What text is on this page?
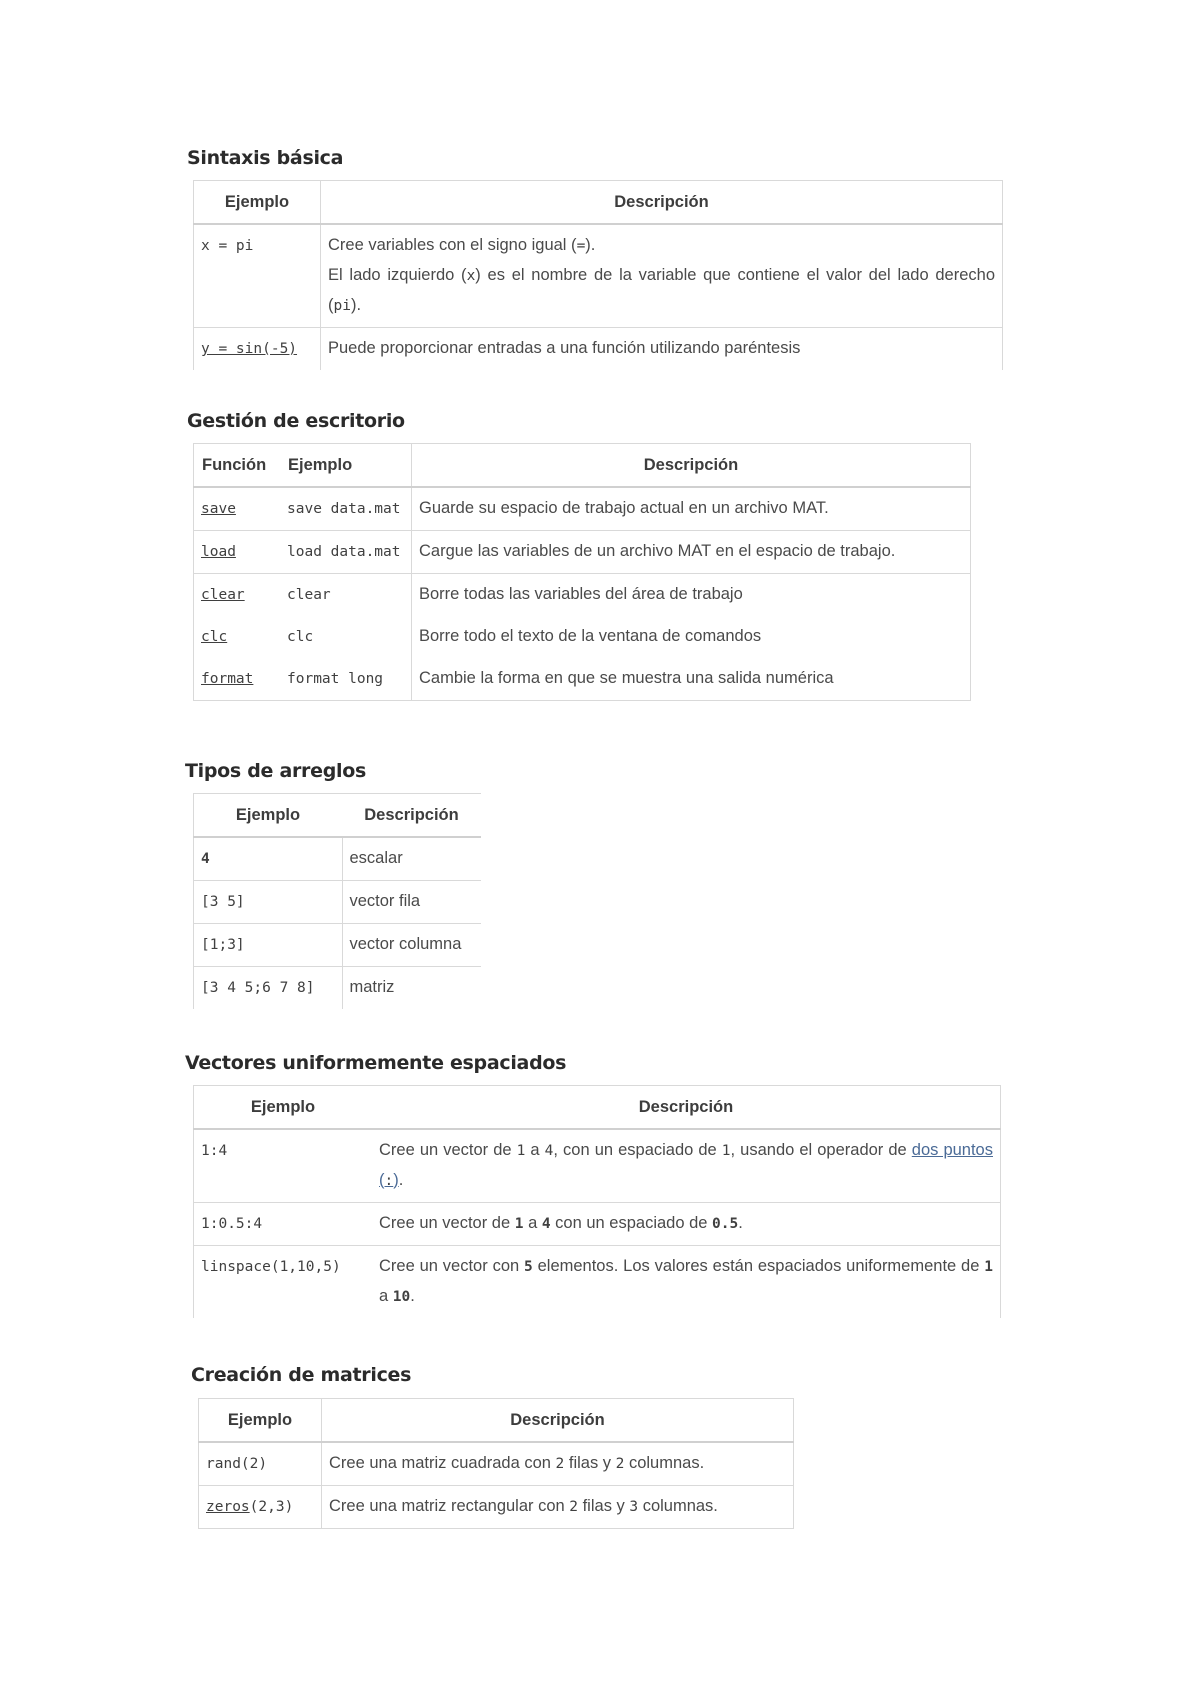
Sintaxis básica
Ejemplo	Descripción
x = pi	Cree variables con el signo igual (=).
El lado izquierdo (x) es el nombre de la variable que contiene el valor del lado derecho (pi).
y = sin(-5)	Puede proporcionar entradas a una función utilizando paréntesis
Gestión de escritorio
Función	Ejemplo	Descripción
save	save data.mat	Guarde su espacio de trabajo actual en un archivo MAT.
load	load data.mat	Cargue las variables de un archivo MAT en el espacio de trabajo.
clear	clear	Borre todas las variables del área de trabajo
clc	clc	Borre todo el texto de la ventana de comandos
format	format long	Cambie la forma en que se muestra una salida numérica
Tipos de arreglos
Ejemplo	Descripción
4	escalar
[3 5]	vector fila
[1;3]	vector columna
[3 4 5;6 7 8]	matriz
Vectores uniformemente espaciados
Ejemplo	Descripción
1:4	Cree un vector de 1 a 4, con un espaciado de 1, usando el operador de dos puntos (:).
1:0.5:4	Cree un vector de 1 a 4 con un espaciado de 0.5.
linspace(1,10,5)	Cree un vector con 5 elementos. Los valores están espaciados uniformemente de 1 a 10.
Creación de matrices
Ejemplo	Descripción
rand(2)	Cree una matriz cuadrada con 2 filas y 2 columnas.
zeros(2,3)	Cree una matriz rectangular con 2 filas y 3 columnas.
